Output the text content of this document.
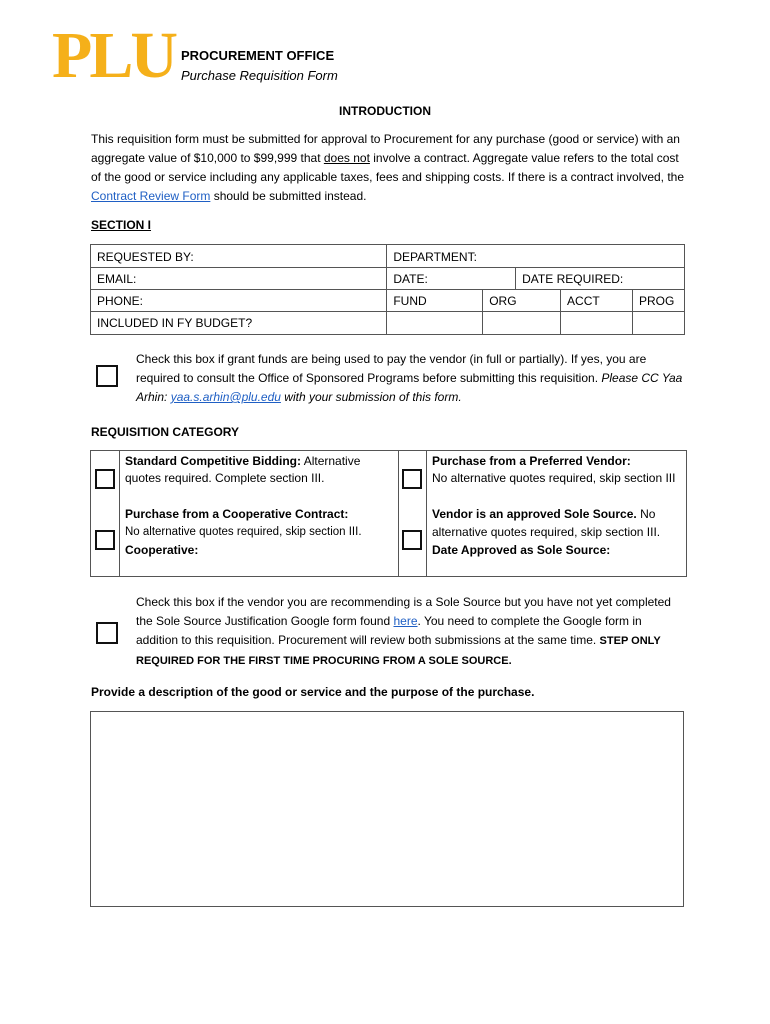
PLU PROCUREMENT OFFICE
Purchase Requisition Form
INTRODUCTION

This requisition form must be submitted for approval to Procurement for any purchase (good or service) with an aggregate value of $10,000 to $99,999 that does not involve a contract. Aggregate value refers to the total cost of the good or service including any applicable taxes, fees and shipping costs. If there is a contract involved, the Contract Review Form should be submitted instead.

SECTION I
REQUESTED BY:	DEPARTMENT:				
EMAIL:	DATE:		DATE REQUIRED:		
PHONE:	FUND	ORG		ACCT	PROG
INCLUDED IN FY BUDGET?					
Check this box if grant funds are being used to pay the vendor (in full or partially). If yes, you are required to consult the Office of Sponsored Programs before submitting this requisition. Please CC Yaa Arhin: yaa.s.arhin@plu.edu with your submission of this form.
REQUISITION CATEGORY
Standard Competitive Bidding: Alternative quotes required. Complete section III.
Purchase from a Cooperative Contract:
No alternative quotes required, skip section III.
Cooperative:
Purchase from a Preferred Vendor:
No alternative quotes required, skip section III
Vendor is an approved Sole Source. No alternative quotes required, skip section III.
Date Approved as Sole Source:
Check this box if the vendor you are recommending is a Sole Source but you have not yet completed the Sole Source Justification Google form found here. You need to complete the Google form in addition to this requisition. Procurement will review both submissions at the same time. STEP ONLY REQUIRED FOR THE FIRST TIME PROCURING FROM A SOLE SOURCE.
Provide a description of the good or service and the purpose of the purchase.
